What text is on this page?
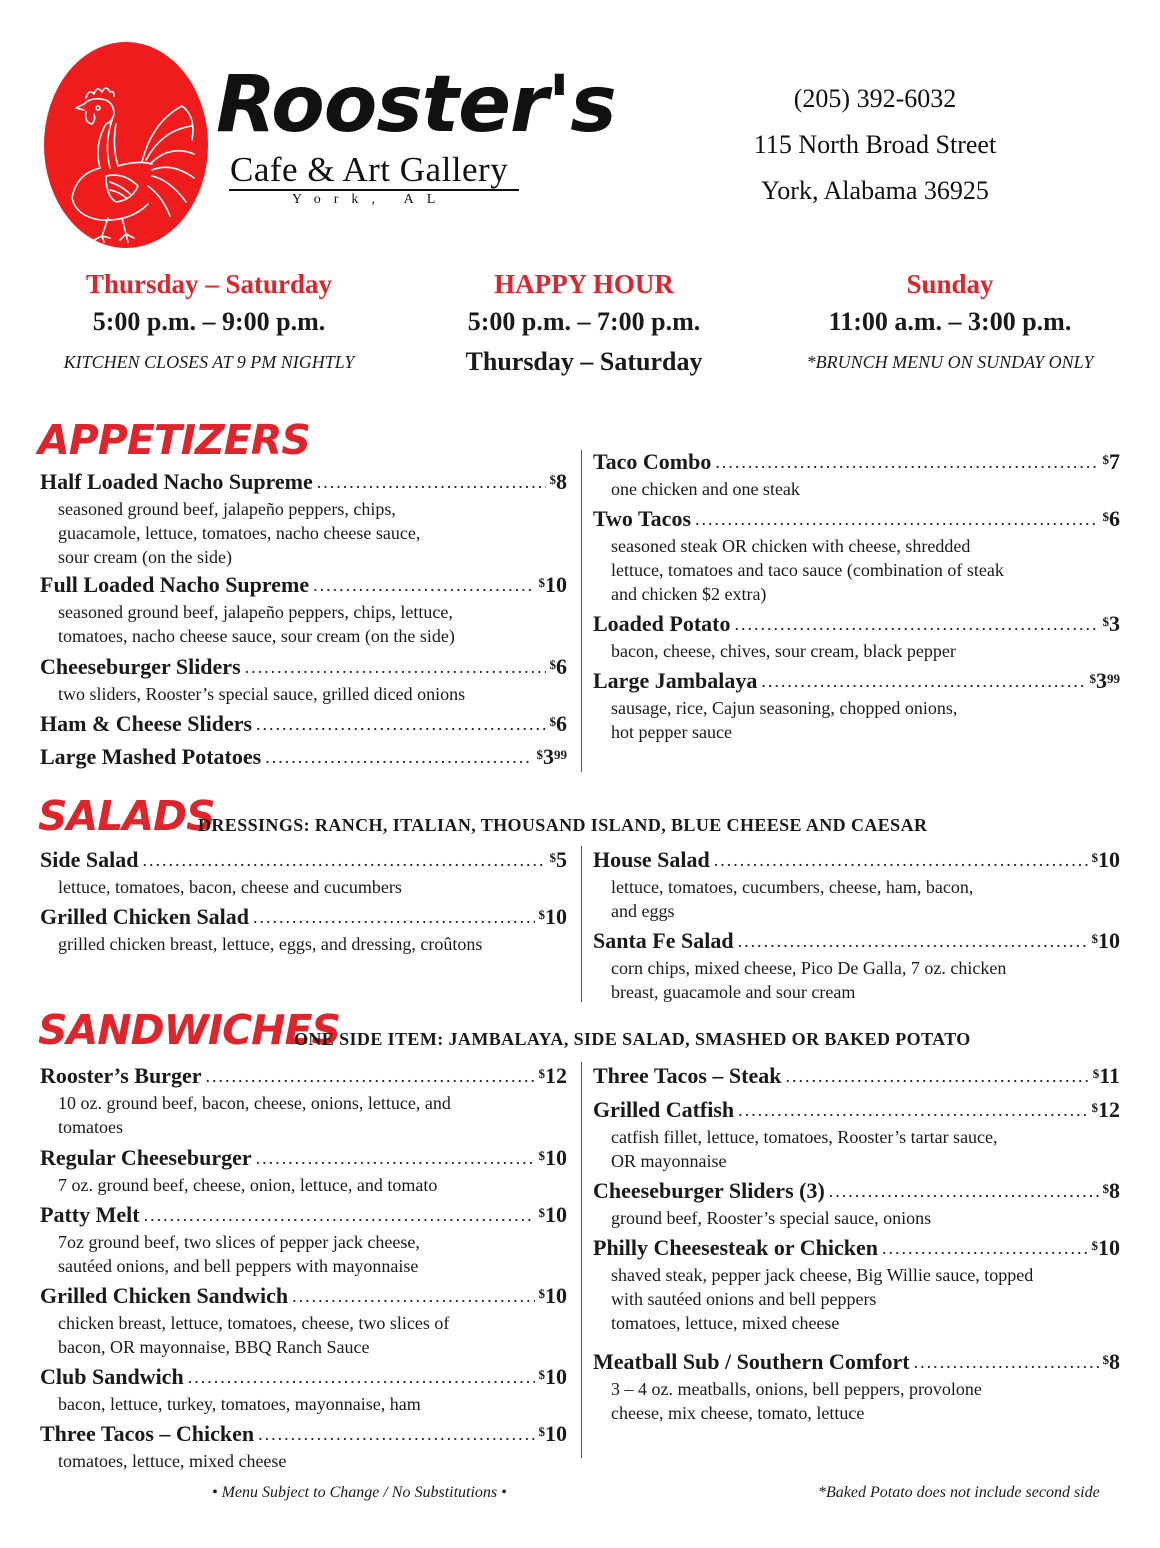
Rooster's
Cafe & Art Gallery
York, AL
(205) 392-6032
115 North Broad Street
York, Alabama 36925
Thursday – Saturday
5:00 p.m. – 9:00 p.m.
KITCHEN CLOSES AT 9 PM NIGHTLY
HAPPY HOUR
5:00 p.m. – 7:00 p.m.
Thursday – Saturday
Sunday
11:00 a.m. – 3:00 p.m.
*BRUNCH MENU ON SUNDAY ONLY
APPETIZERS
Half Loaded Nacho Supreme .....	$8
seasoned ground beef, jalapeño peppers, chips,
guacamole, lettuce, tomatoes, nacho cheese sauce,
sour cream (on the side)
Full Loaded Nacho Supreme .....	$10
seasoned ground beef, jalapeño peppers, chips, lettuce,
tomatoes, nacho cheese sauce, sour cream (on the side)
Cheeseburger Sliders .....	$6
two sliders, Rooster’s special sauce, grilled diced onions
Ham & Cheese Sliders .....	$6
Large Mashed Potatoes .....	$^{\$}3^{99}$
Taco Combo .....	$7
one chicken and one steak
Two Tacos .....	$6
seasoned steak OR chicken with cheese, shredded
lettuce, tomatoes and taco sauce (combination of steak
and chicken $2 extra)
Loaded Potato .....	$3
bacon, cheese, chives, sour cream, black pepper
Large Jambalaya .....	$^{\$}3^{99}$
sausage, rice, Cajun seasoning, chopped onions,
hot pepper sauce
SALADS
DRESSINGS: RANCH, ITALIAN, THOUSAND ISLAND, BLUE CHEESE AND CAESAR
Side Salad .....	$5
lettuce, tomatoes, bacon, cheese and cucumbers
Grilled Chicken Salad .....	$10
grilled chicken breast, lettuce, eggs, and dressing, croûtons
House Salad .....	$10
lettuce, tomatoes, cucumbers, cheese, ham, bacon,
and eggs
Santa Fe Salad .....	$10
corn chips, mixed cheese, Pico De Galla, 7 oz. chicken
breast, guacamole and sour cream
SANDWICHES
ONE SIDE ITEM: JAMBALAYA, SIDE SALAD, SMASHED OR BAKED POTATO
Rooster’s Burger .....	$12
10 oz. ground beef, bacon, cheese, onions, lettuce, and
tomatoes
Regular Cheeseburger .....	$10
7 oz. ground beef, cheese, onion, lettuce, and tomato
Patty Melt .....	$10
7oz ground beef, two slices of pepper jack cheese,
sautéed onions, and bell peppers with mayonnaise
Grilled Chicken Sandwich .....	$10
chicken breast, lettuce, tomatoes, cheese, two slices of
bacon, OR mayonnaise, BBQ Ranch Sauce
Club Sandwich .....	$10
bacon, lettuce, turkey, tomatoes, mayonnaise, ham
Three Tacos – Chicken .....	$10
tomatoes, lettuce, mixed cheese
Three Tacos – Steak .....	$11
Grilled Catfish .....	$12
catfish fillet, lettuce, tomatoes, Rooster’s tartar sauce,
OR mayonnaise
Cheeseburger Sliders (3) .....	$8
ground beef, Rooster’s special sauce, onions
Philly Cheesesteak or Chicken .....	$10
shaved steak, pepper jack cheese, Big Willie sauce, topped
with sautéed onions and bell peppers
tomatoes, lettuce, mixed cheese
Meatball Sub / Southern Comfort .....	$8
3 – 4 oz. meatballs, onions, bell peppers, provolone
cheese, mix cheese, tomato, lettuce
• Menu Subject to Change / No Substitutions •	*Baked Potato does not include second side
